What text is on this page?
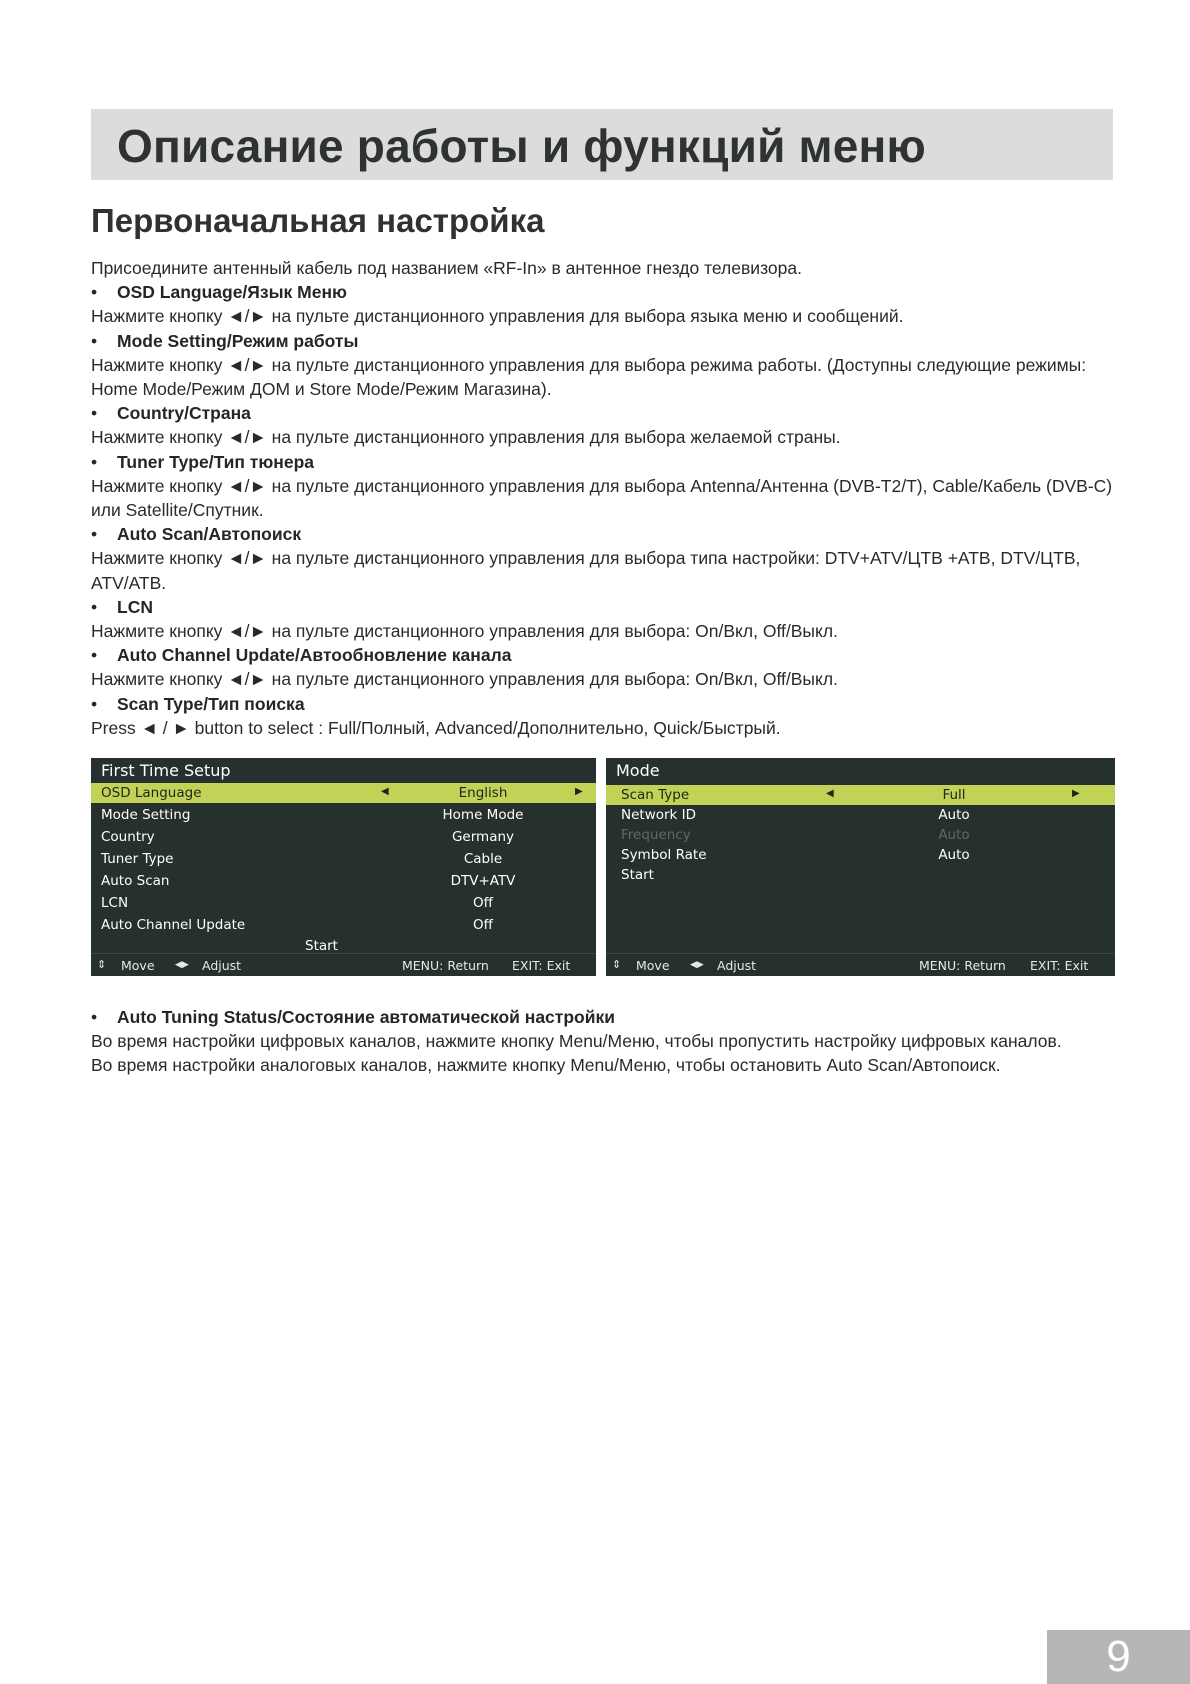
Описание работы и функций меню
Первоначальная настройка

Присоедините антенный кабель под названием «RF-In» в антенное гнездо телевизора.

• OSD Language/Язык Меню

Нажмите кнопку ◄/► на пульте дистанционного управления для выбора языка меню и сообщений.

• Mode Setting/Режим работы

Нажмите кнопку ◄/► на пульте дистанционного управления для выбора режима работы. (Доступны следующие режимы: Home Mode/Режим ДОМ и Store Mode/Режим Магазина).

• Country/Страна

Нажмите кнопку ◄/► на пульте дистанционного управления для выбора желаемой страны.

• Tuner Type/Тип тюнера

Нажмите кнопку ◄/► на пульте дистанционного управления для выбора Antenna/Антенна (DVB-T2/T), Cable/Кабель (DVB-C) или Satellite/Спутник.

• Auto Scan/Автопоиск

Нажмите кнопку ◄/► на пульте дистанционного управления для выбора типа настройки: DTV+ATV/ЦТВ +АТВ, DTV/ЦТВ, ATV/АТВ.

• LCN

Нажмите кнопку ◄/► на пульте дистанционного управления для выбора: On/Вкл, Off/Выкл.

• Auto Channel Update/Автообновление канала

Нажмите кнопку ◄/► на пульте дистанционного управления для выбора: On/Вкл, Off/Выкл.

• Scan Type/Тип поиска

Press ◄ / ► button to select : Full/Полный, Advanced/Дополнительно, Quick/Быстрый.

First Time Setup
OSD Language	◀	English	▶
Mode Setting	Home Mode
Country	Germany
Tuner Type	Cable
Auto Scan	DTV+ATV
LCN	Off
Auto Channel Update	Off
Start
⇕ Move ◀▶ Adjust	MENU: Return EXIT: Exit
Mode
Scan Type	◀	Full	▶
Network ID	Auto
Frequency	Auto
Symbol Rate	Auto
Start
⇕ Move ◀▶ Adjust	MENU: Return EXIT: Exit

• Auto Tuning Status/Состояние автоматической настройки

Во время настройки цифровых каналов, нажмите кнопку Menu/Меню, чтобы пропустить настройку цифровых каналов.

Во время настройки аналоговых каналов, нажмите кнопку Menu/Меню, чтобы остановить Auto Scan/Автопоиск.

9
